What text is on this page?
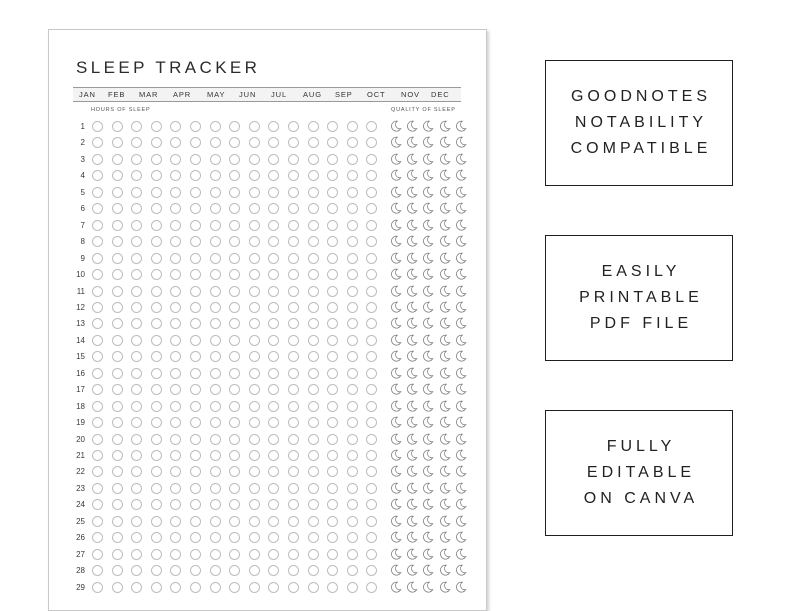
SLEEP TRACKER
JAN FEB MAR APR MAY JUN JUL AUG SEP OCT NOV DEC
HOURS OF SLEEP	QUALITY OF SLEEP
1
2
3
4
5
6
7
8
9
10
11
12
13
14
15
16
17
18
19
20
21
22
23
24
25
26
27
28
29
GOODNOTES
NOTABILITY
COMPATIBLE
EASILY
PRINTABLE
PDF FILE
FULLY
EDITABLE
ON CANVA
